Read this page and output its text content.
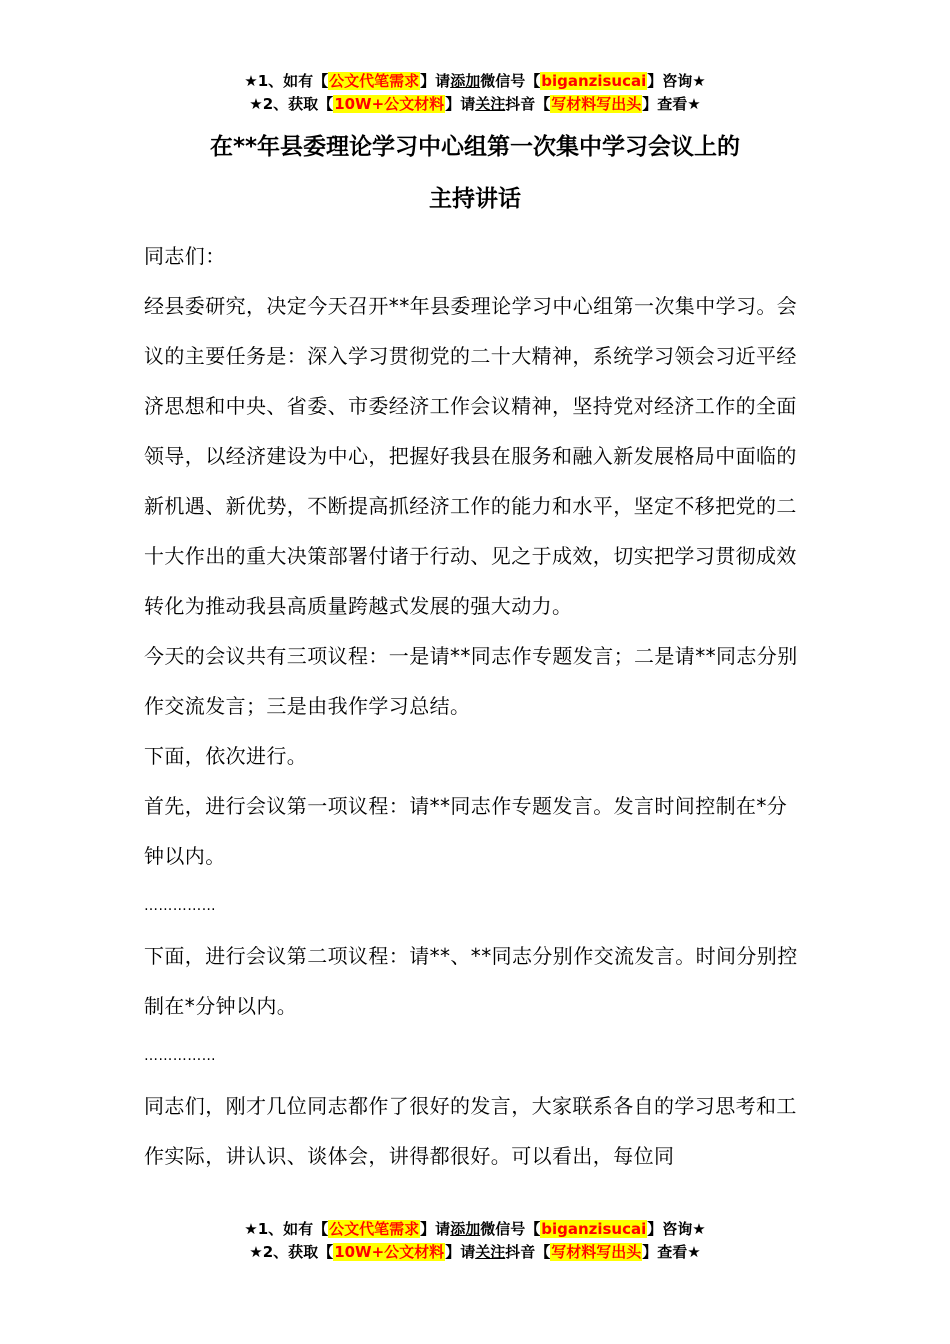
★1、如有【公文代笔需求】请添加微信号【biganzisucai】咨询★
★2、获取【10W+公文材料】请关注抖音【写材料写出头】查看★
在**年县委理论学习中心组第一次集中学习会议上的
主持讲话

同志们：

经县委研究，决定今天召开**年县委理论学习中心组第一次集中学习。会议的主要任务是：深入学习贯彻党的二十大精神，系统学习领会习近平经济思想和中央、省委、市委经济工作会议精神，坚持党对经济工作的全面领导，以经济建设为中心，把握好我县在服务和融入新发展格局中面临的新机遇、新优势，不断提高抓经济工作的能力和水平，坚定不移把党的二十大作出的重大决策部署付诸于行动、见之于成效，切实把学习贯彻成效转化为推动我县高质量跨越式发展的强大动力。

今天的会议共有三项议程：一是请**同志作专题发言；二是请**同志分别作交流发言；三是由我作学习总结。

下面，依次进行。

首先，进行会议第一项议程：请**同志作专题发言。发言时间控制在*分钟以内。

……………

下面，进行会议第二项议程：请**、**同志分别作交流发言。时间分别控制在*分钟以内。

……………

同志们，刚才几位同志都作了很好的发言，大家联系各自的学习思考和工作实际，讲认识、谈体会，讲得都很好。可以看出，每位同

★1、如有【公文代笔需求】请添加微信号【biganzisucai】咨询★
★2、获取【10W+公文材料】请关注抖音【写材料写出头】查看★
